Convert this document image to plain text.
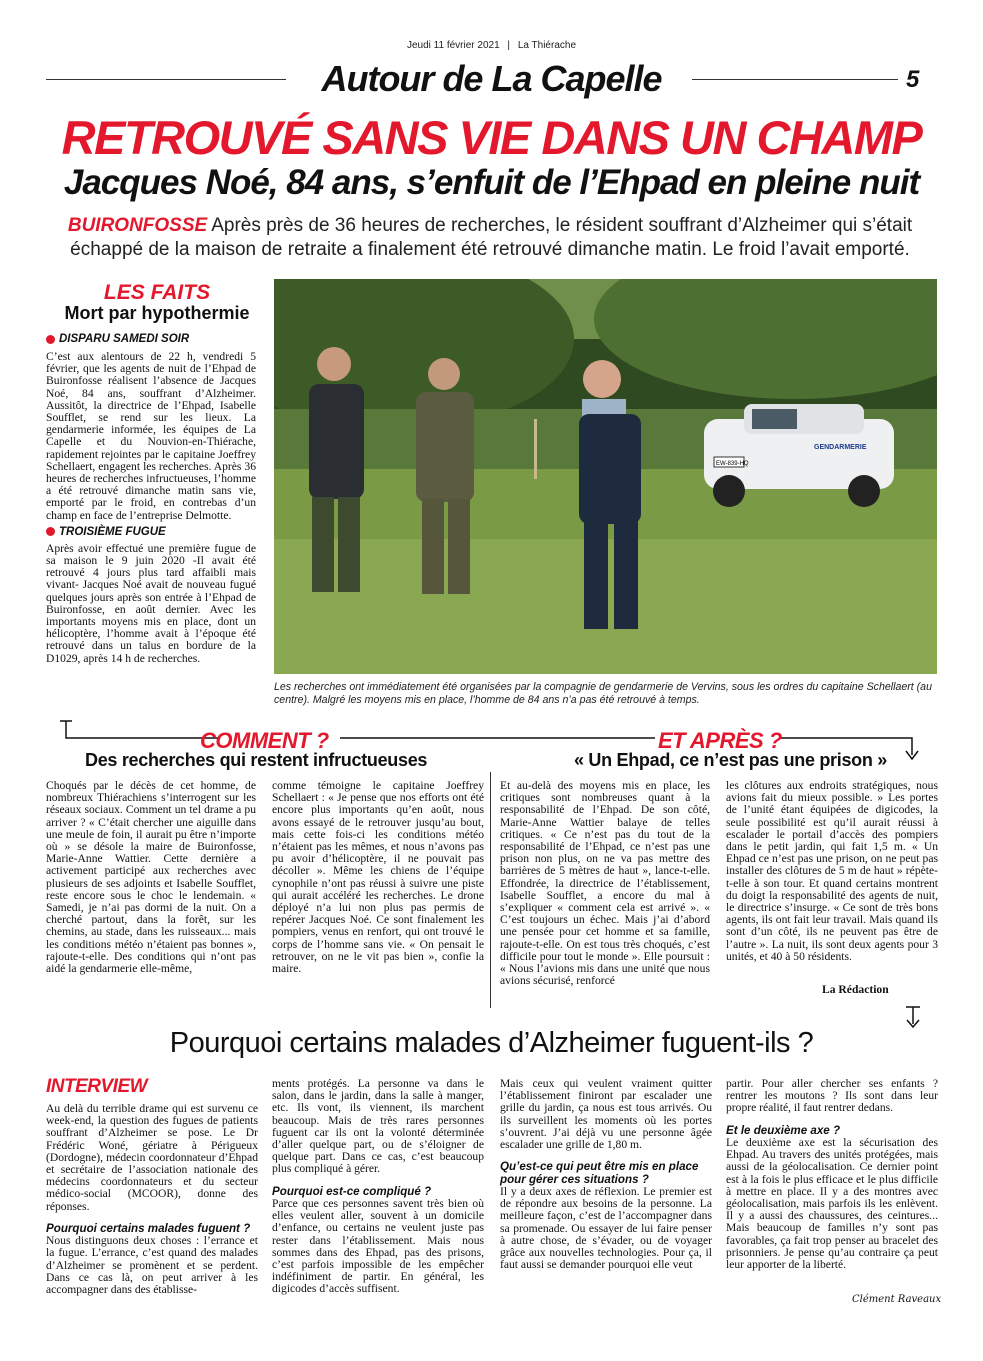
Jeudi 11 février 2021 | La Thiérache
Autour de La Capelle	5
RETROUVÉ SANS VIE DANS UN CHAMP
Jacques Noé, 84 ans, s’enfuit de l’Ehpad en pleine nuit
BUIRONFOSSE Après près de 36 heures de recherches, le résident souffrant d’Alzheimer qui s’était échappé de la maison de retraite a finalement été retrouvé dimanche matin. Le froid l’avait emporté.
LES FAITS
Mort par hypothermie
DISPARU SAMEDI SOIR
C’est aux alentours de 22 h, vendredi 5 février, que les agents de nuit de l’Ehpad de Buironfosse réalisent l’absence de Jacques Noé, 84 ans, souffrant d’Alzheimer. Aussitôt, la directrice de l’Ehpad, Isabelle Soufflet, se rend sur les lieux. La gendarmerie informée, les équipes de La Capelle et du Nouvion-en-Thiérache, rapidement rejointes par le capitaine Joeffrey Schellaert, engagent les recherches. Après 36 heures de recherches infructueuses, l’homme a été retrouvé dimanche matin sans vie, emporté par le froid, en contrebas d’un champ en face de l’entreprise Delmotte.
TROISIÈME FUGUE
Après avoir effectué une première fugue de sa maison le 9 juin 2020 -Il avait été retrouvé 4 jours plus tard affaibli mais vivant- Jacques Noé avait de nouveau fugué quelques jours après son entrée à l’Ehpad de Buironfosse, en août dernier. Avec les importants moyens mis en place, dont un hélicoptère, l’homme avait à l’époque été retrouvé dans un talus en bordure de la D1029, après 14 h de recherches.
EW-839-HQ
GENDARMERIE
Les recherches ont immédiatement été organisées par la compagnie de gendarmerie de Vervins, sous les ordres du capitaine Schellaert (au centre). Malgré les moyens mis en place, l’homme de 84 ans n’a pas été retrouvé à temps.
COMMENT ?
Des recherches qui restent infructueuses
ET APRÈS ?
« Un Ehpad, ce n’est pas une prison »
Choqués par le décès de cet homme, de nombreux Thiérachiens s’interrogent sur les réseaux sociaux. Comment un tel drame a pu arriver ? « C’était chercher une aiguille dans une meule de foin, il aurait pu être n’importe où » se désole la maire de Buironfosse, Marie-Anne Wattier. Cette dernière a activement participé aux recherches avec plusieurs de ses adjoints et Isabelle Soufflet, reste encore sous le choc le lendemain. « Samedi, je n’ai pas dormi de la nuit. On a cherché partout, dans la forêt, sur les chemins, au stade, dans les ruisseaux... mais les conditions météo n’étaient pas bonnes », rajoute-t-elle. Des conditions qui n’ont pas aidé la gendarmerie elle-même,
comme témoigne le capitaine Joeffrey Schellaert : « Je pense que nos efforts ont été encore plus importants qu’en août, nous avons essayé de le retrouver jusqu’au bout, mais cette fois-ci les conditions météo n’étaient pas les mêmes, et nous n’avons pas pu avoir d’hélicoptère, il ne pouvait pas décoller ». Même les chiens de l’équipe cynophile n’ont pas réussi à suivre une piste qui aurait accéléré les recherches. Le drone déployé n’a lui non plus pas permis de repérer Jacques Noé. Ce sont finalement les pompiers, venus en renfort, qui ont trouvé le corps de l’homme sans vie. « On pensait le retrouver, on ne le vit pas bien », confie la maire.
Et au-delà des moyens mis en place, les critiques sont nombreuses quant à la responsabilité de l’Ehpad. De son côté, Marie-Anne Wattier balaye de telles critiques. « Ce n’est pas du tout de la responsabilité de l’Ehpad, ce n’est pas une prison non plus, on ne va pas mettre des barrières de 5 mètres de haut », lance-t-elle. Effondrée, la directrice de l’établissement, Isabelle Soufflet, a encore du mal à s’expliquer « comment cela est arrivé ». « C’est toujours un échec. Mais j’ai d’abord une pensée pour cet homme et sa famille, rajoute-t-elle. On est tous très choqués, c’est difficile pour tout le monde ». Elle poursuit : « Nous l’avions mis dans une unité que nous avions sécurisé, renforcé
les clôtures aux endroits stratégiques, nous avions fait du mieux possible. » Les portes de l’unité étant équipées de digicodes, la seule possibilité est qu’il aurait réussi à escalader le portail d’accès des pompiers dans le petit jardin, qui fait 1,5 m. « Un Ehpad ce n’est pas une prison, on ne peut pas installer des clôtures de 5 m de haut » répète-t-elle à son tour. Et quand certains montrent du doigt la responsabilité des agents de nuit, le directrice s’insurge. « Ce sont de très bons agents, ils ont fait leur travail. Mais quand ils sont d’un côté, ils ne peuvent pas être de l’autre ». La nuit, ils sont deux agents pour 3 unités, et 40 à 50 résidents.
La Rédaction
Pourquoi certains malades d’Alzheimer fuguent-ils ?
INTERVIEW
Au delà du terrible drame qui est survenu ce week-end, la question des fugues de patients souffrant d’Alzheimer se pose. Le Dr Frédéric Woné, gériatre à Périgueux (Dordogne), médecin coordonnateur d’Ehpad et secrétaire de l’association nationale des médecins coordonnateurs et du secteur médico-social (MCOOR), donne des réponses.
Pourquoi certains malades fuguent ?
Nous distinguons deux choses : l’errance et la fugue. L’errance, c’est quand des malades d’Alzheimer se promènent et se perdent. Dans ce cas là, on peut arriver à les accompagner dans des établisse-
ments protégés. La personne va dans le salon, dans le jardin, dans la salle à manger, etc. Ils vont, ils viennent, ils marchent beaucoup. Mais de très rares personnes fuguent car ils ont la volonté déterminée d’aller quelque part, ou de s’éloigner de quelque part. Dans ce cas, c’est beaucoup plus compliqué à gérer.
Pourquoi est-ce compliqué ?
Parce que ces personnes savent très bien où elles veulent aller, souvent à un domicile d’enfance, ou certains ne veulent juste pas rester dans l’établissement. Mais nous sommes dans des Ehpad, pas des prisons, c’est parfois impossible de les empêcher indéfiniment de partir. En général, les digicodes d’accès suffisent.
Mais ceux qui veulent vraiment quitter l’établissement finiront par escalader une grille du jardin, ça nous est tous arrivés. Ou ils surveillent les moments où les portes s’ouvrent. J’ai déjà vu une personne âgée escalader une grille de 1,80 m.
Qu’est-ce qui peut être mis en place pour gérer ces situations ?
Il y a deux axes de réflexion. Le premier est de répondre aux besoins de la personne. La meilleure façon, c’est de l’accompagner dans sa promenade. Ou essayer de lui faire penser à autre chose, de s’évader, ou de voyager grâce aux nouvelles technologies. Pour ça, il faut aussi se demander pourquoi elle veut
partir. Pour aller chercher ses enfants ? rentrer les moutons ? Ils sont dans leur propre réalité, il faut rentrer dedans.
Et le deuxième axe ?
Le deuxième axe est la sécurisation des Ehpad. Au travers des unités protégées, mais aussi de la géolocalisation. Ce dernier point est à la fois le plus efficace et le plus difficile à mettre en place. Il y a des montres avec géolocalisation, mais parfois ils les enlèvent. Il y a aussi des chaussures, des ceintures... Mais beaucoup de familles n’y sont pas favorables, ça fait trop penser au bracelet des prisonniers. Je pense qu’au contraire ça peut leur apporter de la liberté.
Clément Raveaux
